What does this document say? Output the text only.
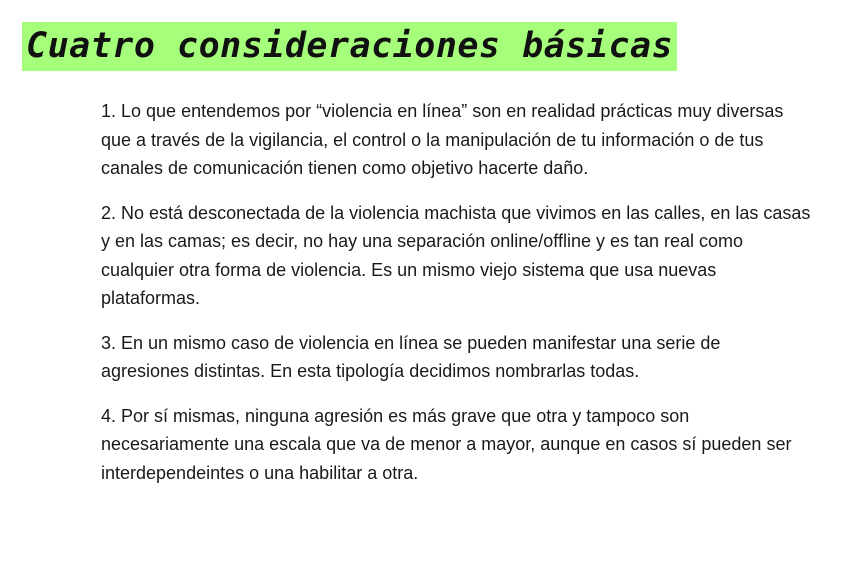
Cuatro consideraciones básicas

1. Lo que entendemos por “violencia en línea” son en realidad prácticas muy diversas que a través de la vigilancia, el control o la manipulación de tu información o de tus canales de comunicación tienen como objetivo hacerte daño.

2. No está desconectada de la violencia machista que vivimos en las calles, en las casas y en las camas; es decir, no hay una separación online/offline y es tan real como cualquier otra forma de violencia. Es un mismo viejo sistema que usa nuevas plataformas.

3. En un mismo caso de violencia en línea se pueden manifestar una serie de agresiones distintas. En esta tipología decidimos nombrarlas todas.

4. Por sí mismas, ninguna agresión es más grave que otra y tampoco son necesariamente una escala que va de menor a mayor, aunque en casos sí pueden ser interdependeintes o una habilitar a otra.
